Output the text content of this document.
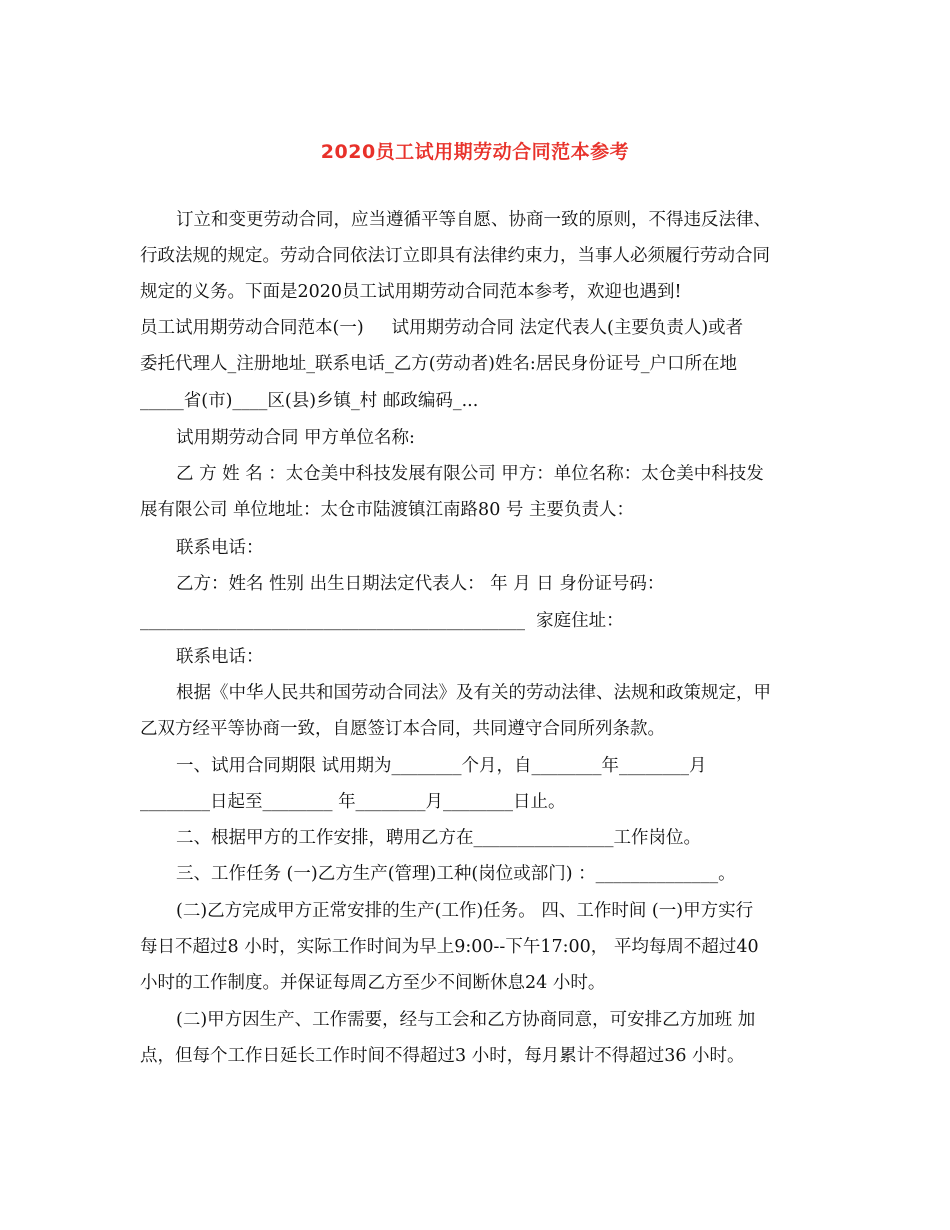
2020员工试用期劳动合同范本参考
订立和变更劳动合同，应当遵循平等自愿、协商一致的原则，不得违反法律、
行政法规的规定。劳动合同依法订立即具有法律约束力，当事人必须履行劳动合同
规定的义务。下面是2020员工试用期劳动合同范本参考，欢迎也遇到!
员工试用期劳动合同范本(一)     试用期劳动合同 法定代表人(主要负责人)或者
委托代理人_注册地址_联系电话_乙方(劳动者)姓名:居民身份证号_户口所在地
_____省(市)____区(县)乡镇_村 邮政编码_...
试用期劳动合同 甲方单位名称:
乙 方 姓 名 ：太仓美中科技发展有限公司 甲方：单位名称：太仓美中科技发
展有限公司 单位地址：太仓市陆渡镇江南路80 号 主要负责人：
联系电话：
乙方：姓名 性别 出生日期法定代表人： 年 月 日 身份证号码：
____________________________________________  家庭住址：
联系电话：
根据《中华人民共和国劳动合同法》及有关的劳动法律、法规和政策规定，甲
乙双方经平等协商一致，自愿签订本合同，共同遵守合同所列条款。
一、试用合同期限 试用期为________个月，自________年________月
________日起至________ 年________月________日止。
二、根据甲方的工作安排，聘用乙方在________________工作岗位。
三、工作任务 (一)乙方生产(管理)工种(岗位或部门) ：______________。
(二)乙方完成甲方正常安排的生产(工作)任务。 四、工作时间 (一)甲方实行
每日不超过8 小时，实际工作时间为早上9:00--下午17:00， 平均每周不超过40
小时的工作制度。并保证每周乙方至少不间断休息24 小时。
(二)甲方因生产、工作需要，经与工会和乙方协商同意，可安排乙方加班 加
点，但每个工作日延长工作时间不得超过3 小时，每月累计不得超过36 小时。
